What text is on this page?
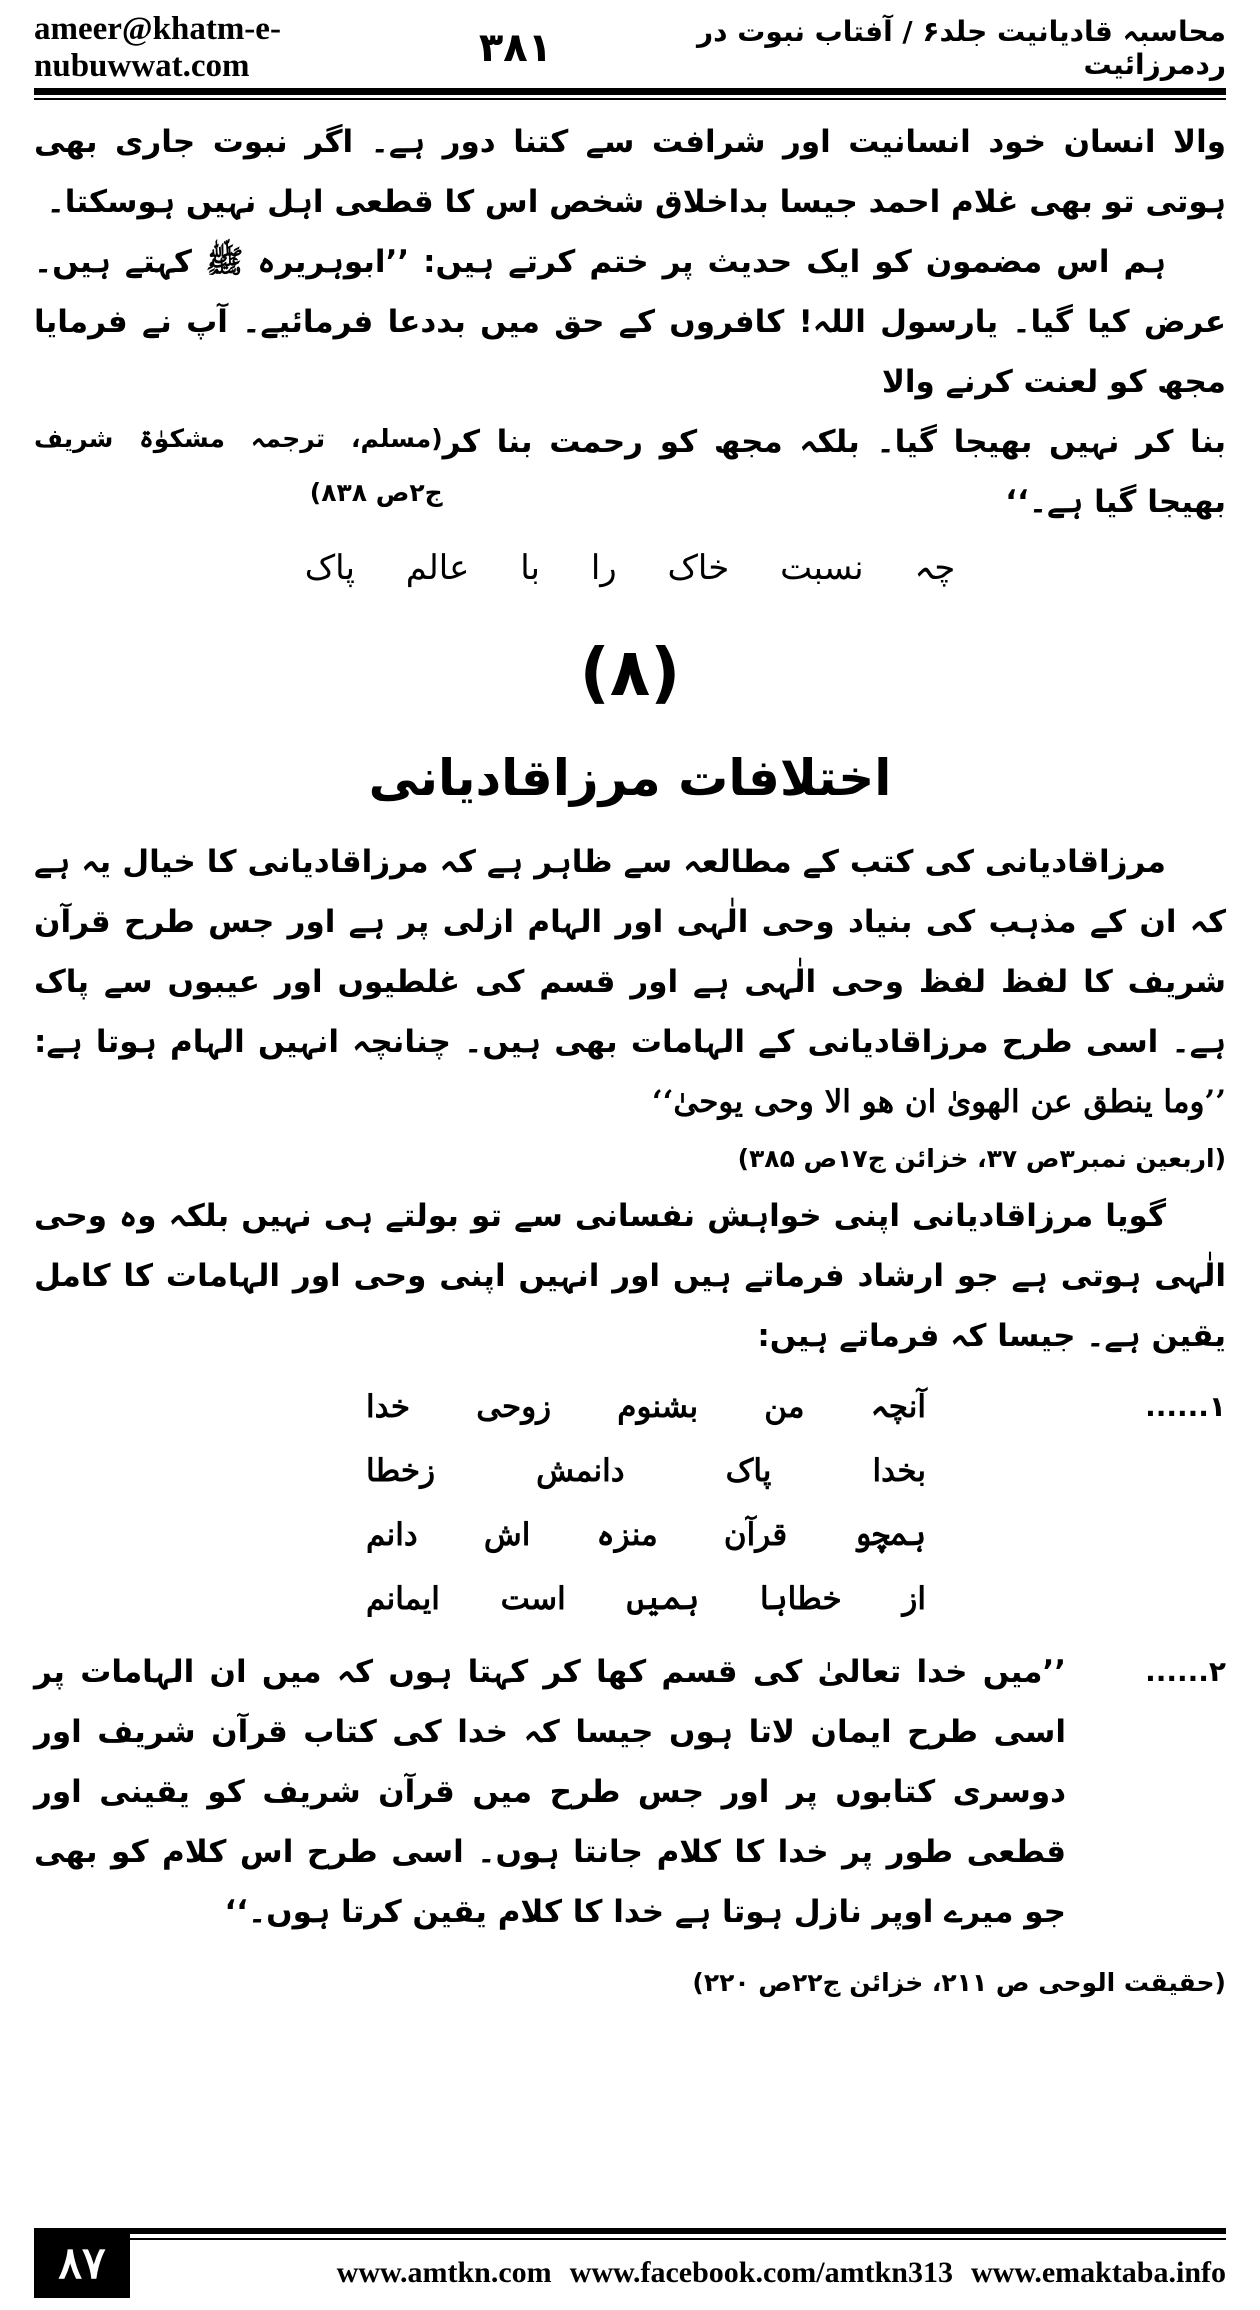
ameer@khatm-e-nubuwwat.com
محاسبہ قادیانیت جلد۶ / آفتاب نبوت در ردمرزائیت
۳۸۱

والا انسان خود انسانیت اور شرافت سے کتنا دور ہے۔ اگر نبوت جاری بھی ہوتی تو بھی غلام احمد جیسا بداخلاق شخص اس کا قطعی اہل نہیں ہوسکتا۔

ہم اس مضمون کو ایک حدیث پر ختم کرتے ہیں: ’’ابوہریرہ ﷺ کہتے ہیں۔ عرض کیا گیا۔ یارسول اللہ! کافروں کے حق میں بددعا فرمائیے۔ آپ نے فرمایا مجھ کو لعنت کرنے والا

بنا کر نہیں بھیجا گیا۔ بلکہ مجھ کو رحمت بنا کر بھیجا گیا ہے۔‘‘
(مسلم، ترجمہ مشکوٰۃ شریف ج۲ص ۸۳۸)
چہ نسبت خاک را با عالم پاک
(۸)
اختلافات مرزاقادیانی

مرزاقادیانی کی کتب کے مطالعہ سے ظاہر ہے کہ مرزاقادیانی کا خیال یہ ہے کہ ان کے مذہب کی بنیاد وحی الٰہی اور الہام ازلی پر ہے اور جس طرح قرآن شریف کا لفظ لفظ وحی الٰہی ہے اور قسم کی غلطیوں اور عیبوں سے پاک ہے۔ اسی طرح مرزاقادیانی کے الہامات بھی ہیں۔ چنانچہ انہیں الہام ہوتا ہے: ’’وما ینطق عن الھویٰ ان ھو الا وحی یوحیٰ‘‘

(اربعین نمبر۳ص ۳۷، خزائن ج۱۷ص ۳۸۵)

گویا مرزاقادیانی اپنی خواہش نفسانی سے تو بولتے ہی نہیں بلکہ وہ وحی الٰہی ہوتی ہے جو ارشاد فرماتے ہیں اور انہیں اپنی وحی اور الہامات کا کامل یقین ہے۔ جیسا کہ فرماتے ہیں:

۱......
آنچہ
من
بشنوم
زوحی
خدا
بخدا
پاک
دانمش
زخطا
ہمچو
قرآن
منزہ
اش
دانم
از
خطاہا
ہمیں
است
ایمانم
۲......
’’میں خدا تعالیٰ کی قسم کھا کر کہتا ہوں کہ میں ان الہامات پر اسی طرح ایمان لاتا ہوں جیسا کہ خدا کی کتاب قرآن شریف اور دوسری کتابوں پر اور جس طرح میں قرآن شریف کو یقینی اور قطعی طور پر خدا کا کلام جانتا ہوں۔ اسی طرح اس کلام کو بھی جو میرے اوپر نازل ہوتا ہے خدا کا کلام یقین کرتا ہوں۔‘‘
(حقیقت الوحی ص ۲۱۱، خزائن ج۲۲ص ۲۲۰)
۸۷	www.amtkn.com www.facebook.com/amtkn313 www.emaktaba.info
